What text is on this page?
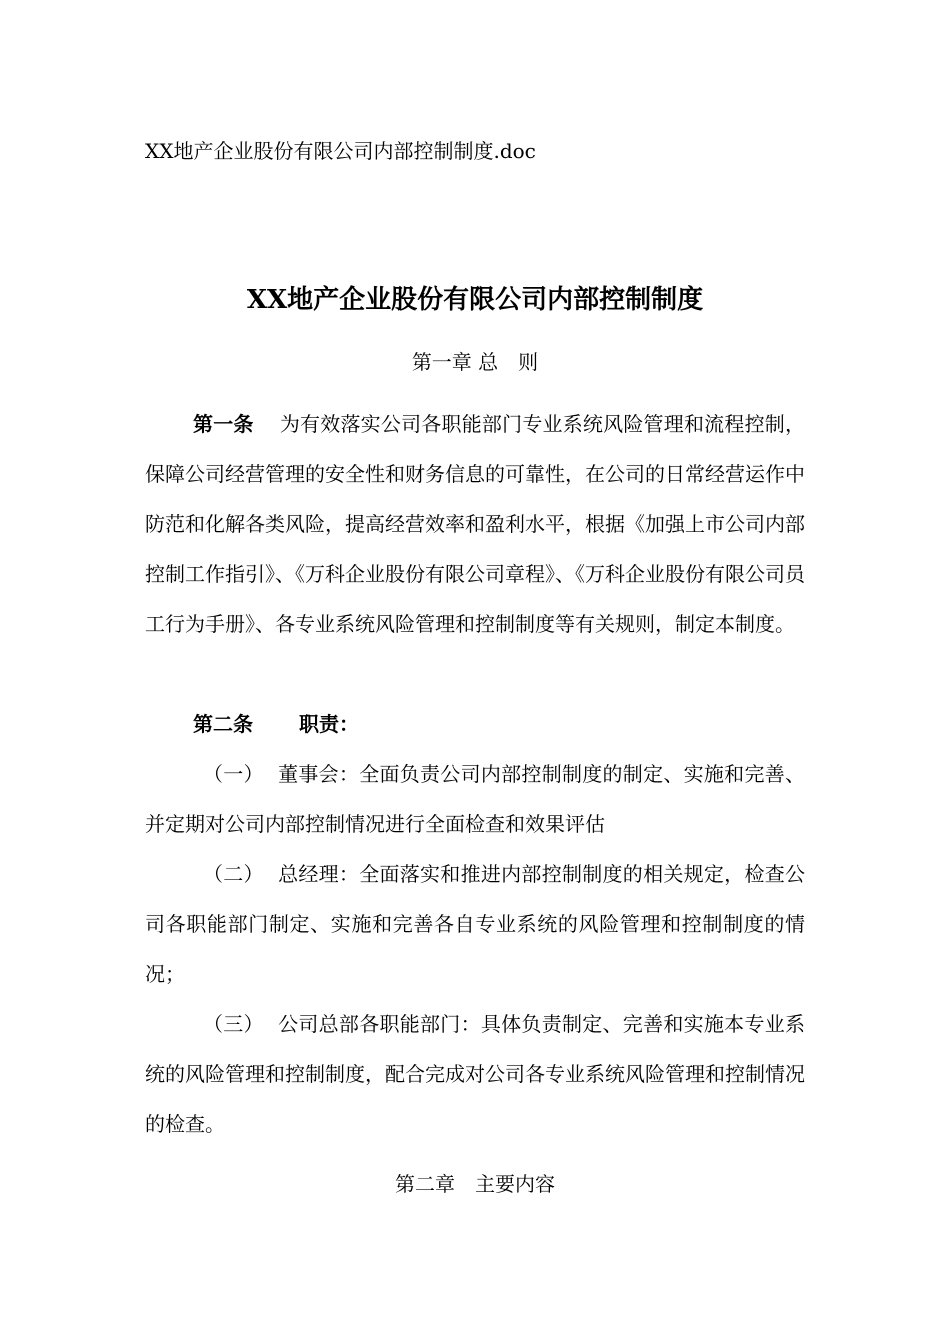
XX地产企业股份有限公司内部控制制度.doc
XX地产企业股份有限公司内部控制制度
第一章 总　则
第一条 为有效落实公司各职能部门专业系统风险管理和流程控制，保障公司经营管理的安全性和财务信息的可靠性，在公司的日常经营运作中防范和化解各类风险，提高经营效率和盈利水平，根据《加强上市公司内部控制工作指引》、《万科企业股份有限公司章程》、《万科企业股份有限公司员工行为手册》、各专业系统风险管理和控制制度等有关规则，制定本制度。
第二条 职责：
（一） 董事会：全面负责公司内部控制制度的制定、实施和完善、并定期对公司内部控制情况进行全面检查和效果评估
（二） 总经理：全面落实和推进内部控制制度的相关规定，检查公司各职能部门制定、实施和完善各自专业系统的风险管理和控制制度的情况；
（三） 公司总部各职能部门：具体负责制定、完善和实施本专业系统的风险管理和控制制度，配合完成对公司各专业系统风险管理和控制情况的检查。
第二章　主要内容
